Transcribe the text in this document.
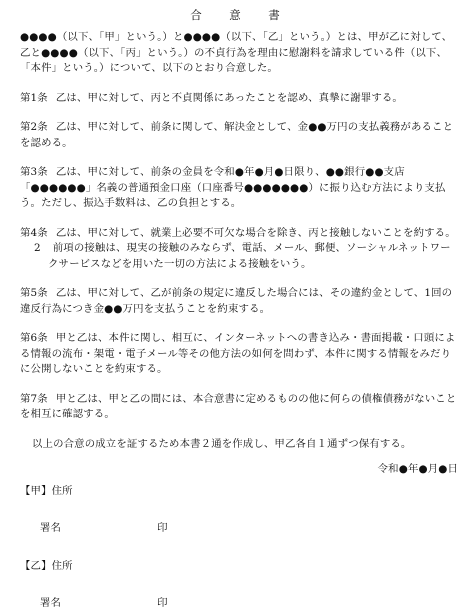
合　意　書

●●●●（以下、「甲」という。）と●●●●（以下、「乙」という。）とは、甲が乙に対して、乙と●●●●（以下、「丙」という。）の不貞行為を理由に慰謝料を請求している件（以下、「本件」という。）について、以下のとおり合意した。

第1条 乙は、甲に対して、丙と不貞関係にあったことを認め、真摯に謝罪する。
第2条 乙は、甲に対して、前条に関して、解決金として、金●●万円の支払義務があることを認める。
第3条 乙は、甲に対して、前条の金員を令和●年●月●日限り、●●銀行●●支店「●●●●●●」名義の普通預金口座（口座番号●●●●●●●）に振り込む方法により支払う。ただし、振込手数料は、乙の負担とする。

第4条 乙は、甲に対して、就業上必要不可欠な場合を除き、丙と接触しないことを約する。

2 前項の接触は、現実の接触のみならず、電話、メール、郵便、ソーシャルネットワークサービスなどを用いた一切の方法による接触をいう。

第5条 乙は、甲に対して、乙が前条の規定に違反した場合には、その違約金として、1回の違反行為につき金●●万円を支払うことを約束する。
第6条 甲と乙は、本件に関し、相互に、インターネットへの書き込み・書面掲載・口頭による情報の流布・架電・電子メール等その他方法の如何を問わず、本件に関する情報をみだりに公開しないことを約束する。
第7条 甲と乙は、甲と乙の間には、本合意書に定めるものの他に何らの債権債務がないことを相互に確認する。

以上の合意の成立を証するため本書２通を作成し、甲乙各自１通ずつ保有する。

令和●年●月●日
【甲】住所
署名	印
【乙】住所
署名	印
